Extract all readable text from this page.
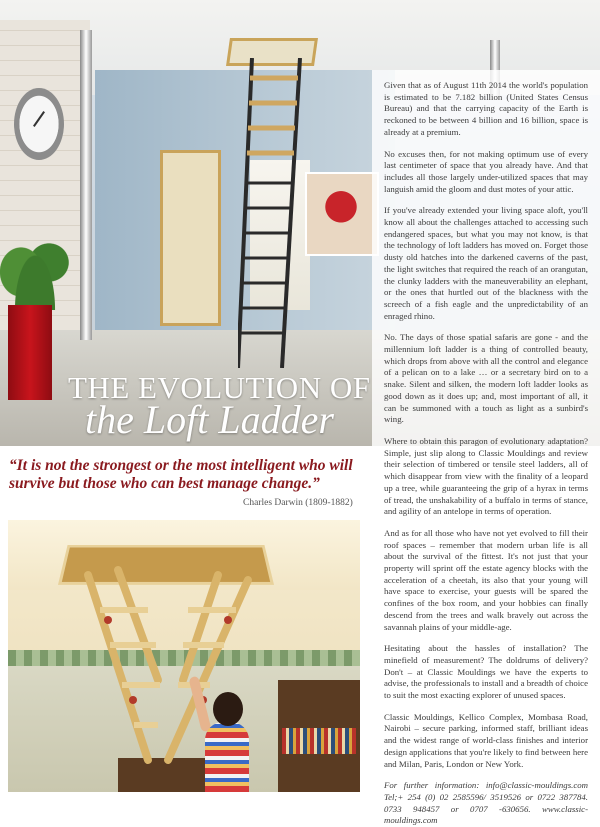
THE EVOLUTION OF
the Loft Ladder

Given that as of August 11th 2014 the world's population is estimated to be 7.182 billion (United States Census Bureau) and that the carrying capacity of the Earth is reckoned to be between 4 billion and 16 billion, space is already at a premium.

No excuses then, for not making optimum use of every last centimeter of space that you already have. And that includes all those largely under-utilized spaces that may languish amid the gloom and dust motes of your attic.

If you've already extended your living space aloft, you'll know all about the challenges attached to accessing such endangered spaces, but what you may not know, is that the technology of loft ladders has moved on. Forget those dusty old hatches into the darkened caverns of the past, the light switches that required the reach of an orangutan, the clunky ladders with the maneuverability an elephant, or the ones that hurtled out of the blackness with the screech of a fish eagle and the unpredictability of an enraged rhino.

No. The days of those spatial safaris are gone - and the millennium loft ladder is a thing of controlled beauty, which drops from above with all the control and elegance of a pelican on to a lake … or a secretary bird on to a snake. Silent and silken, the modern loft ladder looks as good down as it does up; and, most important of all, it can be summoned with a touch as light as a sunbird's wing.

Where to obtain this paragon of evolutionary adaptation? Simple, just slip along to Classic Mouldings and review their selection of timbered or tensile steel ladders, all of which disappear from view with the finality of a leopard up a tree, while guaranteeing the grip of a hyrax in terms of tread, the unshakability of a buffalo in terms of stance, and agility of an antelope in terms of operation.

And as for all those who have not yet evolved to fill their roof spaces – remember that modern urban life is all about the survival of the fittest. It's not just that your property will sprint off the estate agency blocks with the acceleration of a cheetah, its also that your young will have space to exercise, your guests will be spared the confines of the box room, and your hobbies can finally descend from the trees and walk bravely out across the savannah plains of your middle-age.

Hesitating about the hassles of installation? The minefield of measurement? The doldrums of delivery? Don't – at Classic Mouldings we have the experts to advise, the professionals to install and a breadth of choice to suit the most exacting explorer of unused spaces.

Classic Mouldings, Kellico Complex, Mombasa Road, Nairobi – secure parking, informed staff, brilliant ideas and the widest range of world-class finishes and interior design applications that you're likely to find between here and Milan, Paris, London or New York.

For further information: info@classic-mouldings.com Tel;+ 254 (0) 02 2585596/ 3519526 or 0722 387784. 0733 948457 or 0707 -630656. www.classic-mouldings.com

“It is not the strongest or the most intelligent who will survive but those who can best manage change.”
Charles Darwin (1809-1882)
